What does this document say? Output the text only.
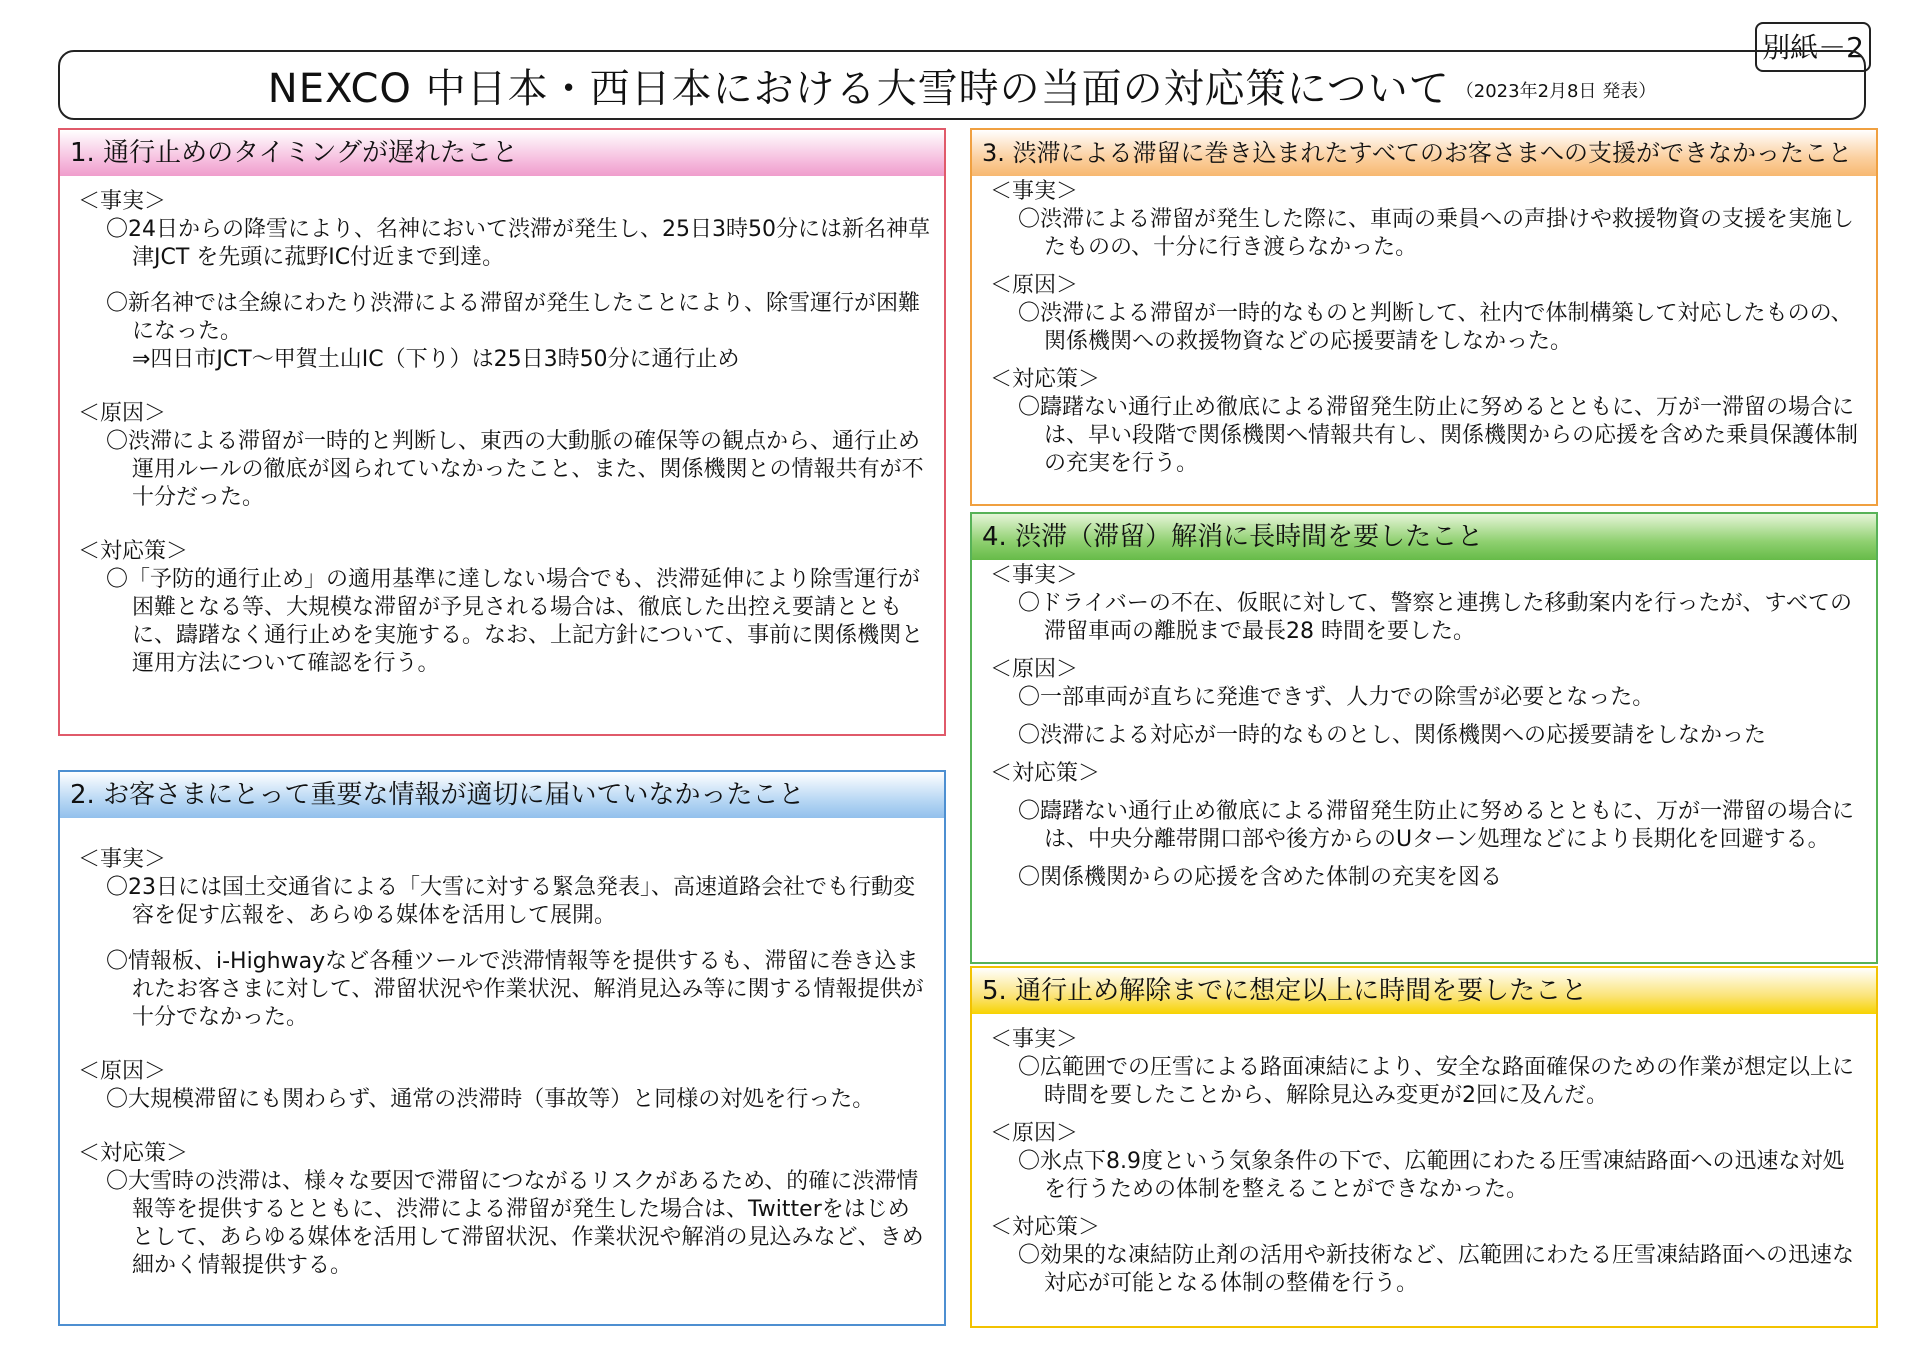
別紙－2
NEXCO 中日本・西日本における大雪時の当面の対応策について （2023年2月8日 発表）
1. 通行止めのタイミングが遅れたこと
＜事実＞

〇24日からの降雪により、名神において渋滞が発生し、25日3時50分には新名神草津JCT を先頭に菰野IC付近まで到達。

〇新名神では全線にわたり渋滞による滞留が発生したことにより、除雪運行が困難になった。

⇒四日市JCT～甲賀土山IC（下り）は25日3時50分に通行止め
＜原因＞

〇渋滞による滞留が一時的と判断し、東西の大動脈の確保等の観点から、通行止め運用ルールの徹底が図られていなかったこと、また、関係機関との情報共有が不十分だった。

＜対応策＞

〇「予防的通行止め」の適用基準に達しない場合でも、渋滞延伸により除雪運行が困難となる等、大規模な滞留が予見される場合は、徹底した出控え要請とともに、躊躇なく通行止めを実施する。なお、上記方針について、事前に関係機関と運用方法について確認を行う。

2. お客さまにとって重要な情報が適切に届いていなかったこと
＜事実＞

〇23日には国土交通省による「大雪に対する緊急発表」、高速道路会社でも行動変容を促す広報を、あらゆる媒体を活用して展開。

〇情報板、i-Highwayなど各種ツールで渋滞情報等を提供するも、滞留に巻き込まれたお客さまに対して、滞留状況や作業状況、解消見込み等に関する情報提供が十分でなかった。

＜原因＞

〇大規模滞留にも関わらず、通常の渋滞時（事故等）と同様の対処を行った。

＜対応策＞

〇大雪時の渋滞は、様々な要因で滞留につながるリスクがあるため、的確に渋滞情報等を提供するとともに、渋滞による滞留が発生した場合は、Twitterをはじめとして、あらゆる媒体を活用して滞留状況、作業状況や解消の見込みなど、きめ細かく情報提供する。

3. 渋滞による滞留に巻き込まれたすべてのお客さまへの支援ができなかったこと
＜事実＞

〇渋滞による滞留が発生した際に、車両の乗員への声掛けや救援物資の支援を実施したものの、十分に行き渡らなかった。

＜原因＞

〇渋滞による滞留が一時的なものと判断して、社内で体制構築して対応したものの、関係機関への救援物資などの応援要請をしなかった。

＜対応策＞

〇躊躇ない通行止め徹底による滞留発生防止に努めるとともに、万が一滞留の場合には、早い段階で関係機関へ情報共有し、関係機関からの応援を含めた乗員保護体制の充実を行う。

4. 渋滞（滞留）解消に長時間を要したこと
＜事実＞

〇ドライバーの不在、仮眠に対して、警察と連携した移動案内を行ったが、すべての滞留車両の離脱まで最長28 時間を要した。

＜原因＞

〇一部車両が直ちに発進できず、人力での除雪が必要となった。

〇渋滞による対応が一時的なものとし、関係機関への応援要請をしなかった

＜対応策＞

〇躊躇ない通行止め徹底による滞留発生防止に努めるとともに、万が一滞留の場合には、中央分離帯開口部や後方からのUターン処理などにより長期化を回避する。

〇関係機関からの応援を含めた体制の充実を図る

5. 通行止め解除までに想定以上に時間を要したこと
＜事実＞

〇広範囲での圧雪による路面凍結により、安全な路面確保のための作業が想定以上に時間を要したことから、解除見込み変更が2回に及んだ。

＜原因＞

〇氷点下8.9度という気象条件の下で、広範囲にわたる圧雪凍結路面への迅速な対処を行うための体制を整えることができなかった。

＜対応策＞

〇効果的な凍結防止剤の活用や新技術など、広範囲にわたる圧雪凍結路面への迅速な対応が可能となる体制の整備を行う。
